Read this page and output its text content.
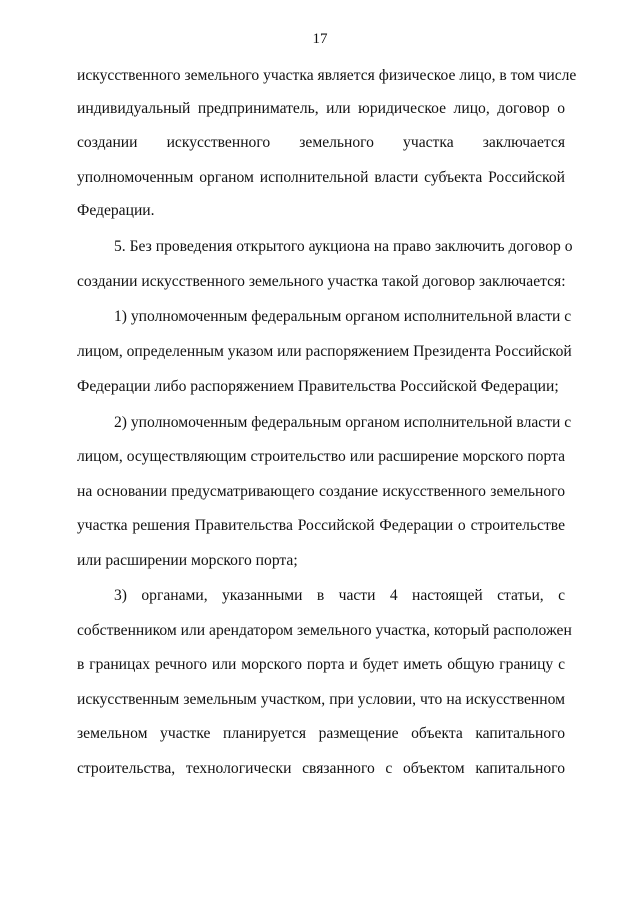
17
искусственного земельного участка является физическое лицо, в том числе
индивидуальный предприниматель, или юридическое лицо, договор о
создании искусственного земельного участка заключается
уполномоченным органом исполнительной власти субъекта Российской
Федерации.
5. Без проведения открытого аукциона на право заключить договор о
создании искусственного земельного участка такой договор заключается:
1) уполномоченным федеральным органом исполнительной власти с
лицом, определенным указом или распоряжением Президента Российской
Федерации либо распоряжением Правительства Российской Федерации;
2) уполномоченным федеральным органом исполнительной власти с
лицом, осуществляющим строительство или расширение морского порта
на основании предусматривающего создание искусственного земельного
участка решения Правительства Российской Федерации о строительстве
или расширении морского порта;
3) органами, указанными в части 4 настоящей статьи, с
собственником или арендатором земельного участка, который расположен
в границах речного или морского порта и будет иметь общую границу с
искусственным земельным участком, при условии, что на искусственном
земельном участке планируется размещение объекта капитального
строительства, технологически связанного с объектом капитального
